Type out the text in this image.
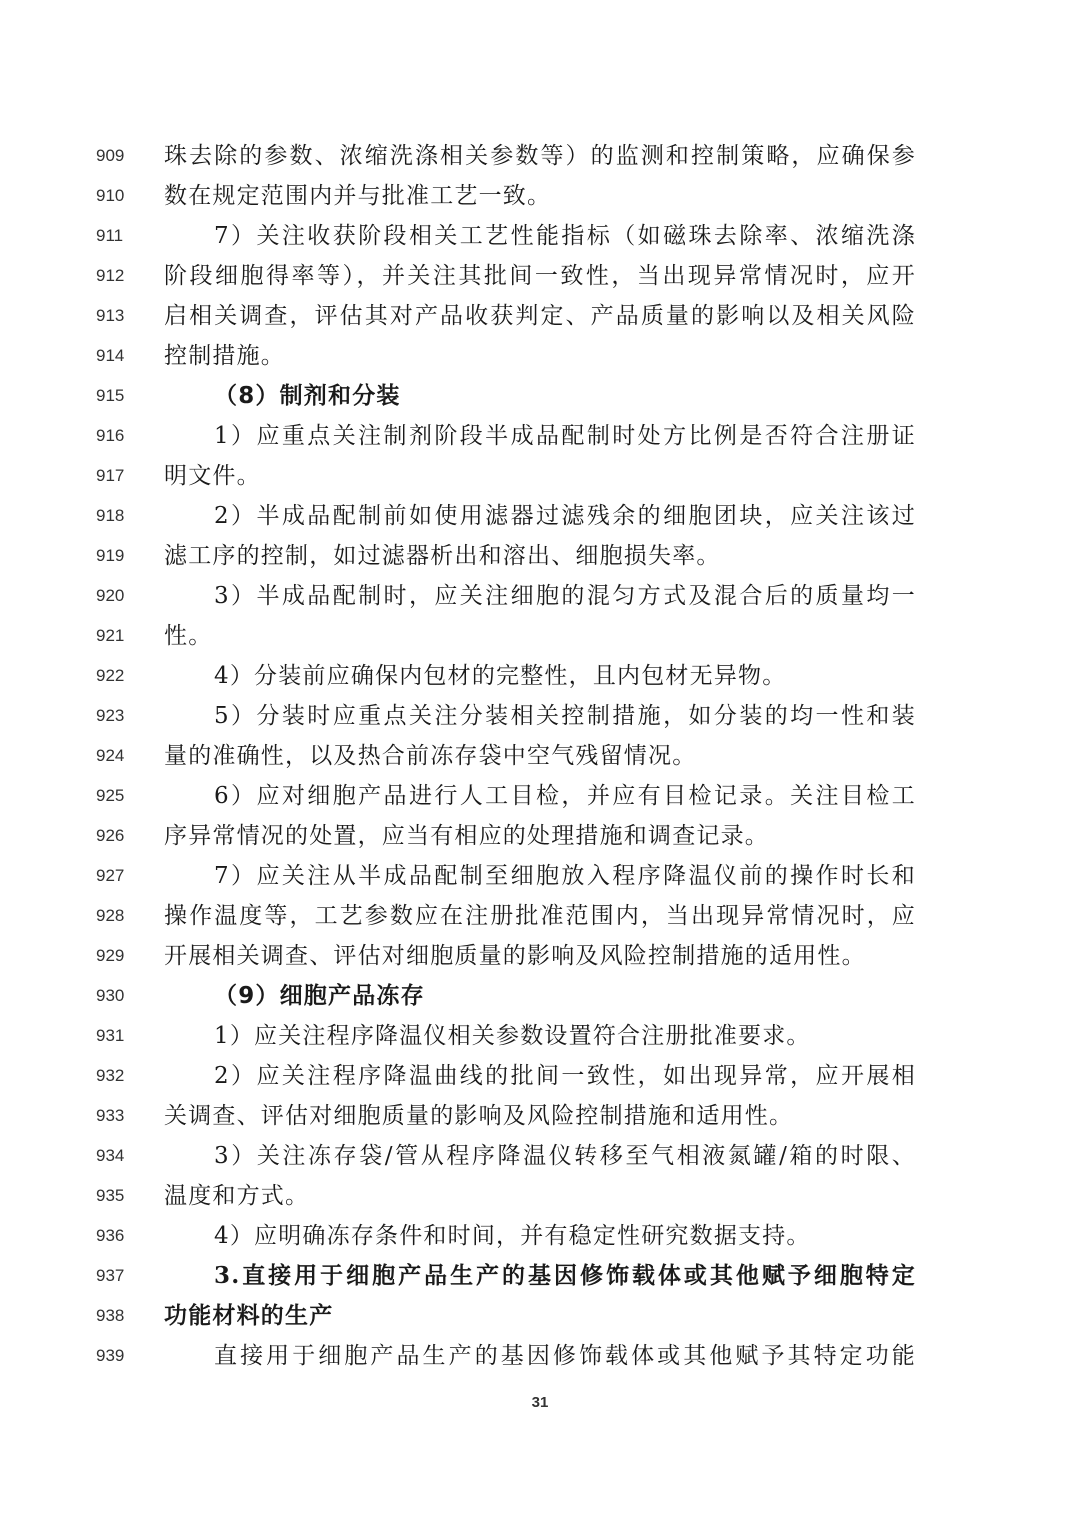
909	珠去除的参数、浓缩洗涤相关参数等）的监测和控制策略，应确保参
910	数在规定范围内并与批准工艺一致。
911	7）关注收获阶段相关工艺性能指标（如磁珠去除率、浓缩洗涤
912	阶段细胞得率等），并关注其批间一致性，当出现异常情况时，应开
913	启相关调查，评估其对产品收获判定、产品质量的影响以及相关风险
914	控制措施。
915	（8）制剂和分装
916	1）应重点关注制剂阶段半成品配制时处方比例是否符合注册证
917	明文件。
918	2）半成品配制前如使用滤器过滤残余的细胞团块，应关注该过
919	滤工序的控制，如过滤器析出和溶出、细胞损失率。
920	3）半成品配制时，应关注细胞的混匀方式及混合后的质量均一
921	性。
922	4）分装前应确保内包材的完整性，且内包材无异物。
923	5）分装时应重点关注分装相关控制措施，如分装的均一性和装
924	量的准确性，以及热合前冻存袋中空气残留情况。
925	6）应对细胞产品进行人工目检，并应有目检记录。关注目检工
926	序异常情况的处置，应当有相应的处理措施和调查记录。
927	7）应关注从半成品配制至细胞放入程序降温仪前的操作时长和
928	操作温度等，工艺参数应在注册批准范围内，当出现异常情况时，应
929	开展相关调查、评估对细胞质量的影响及风险控制措施的适用性。
930	（9）细胞产品冻存
931	1）应关注程序降温仪相关参数设置符合注册批准要求。
932	2）应关注程序降温曲线的批间一致性，如出现异常，应开展相
933	关调查、评估对细胞质量的影响及风险控制措施和适用性。
934	3）关注冻存袋/管从程序降温仪转移至气相液氮罐/箱的时限、
935	温度和方式。
936	4）应明确冻存条件和时间，并有稳定性研究数据支持。
937	3.直接用于细胞产品生产的基因修饰载体或其他赋予细胞特定
938	功能材料的生产
939	直接用于细胞产品生产的基因修饰载体或其他赋予其特定功能
31
